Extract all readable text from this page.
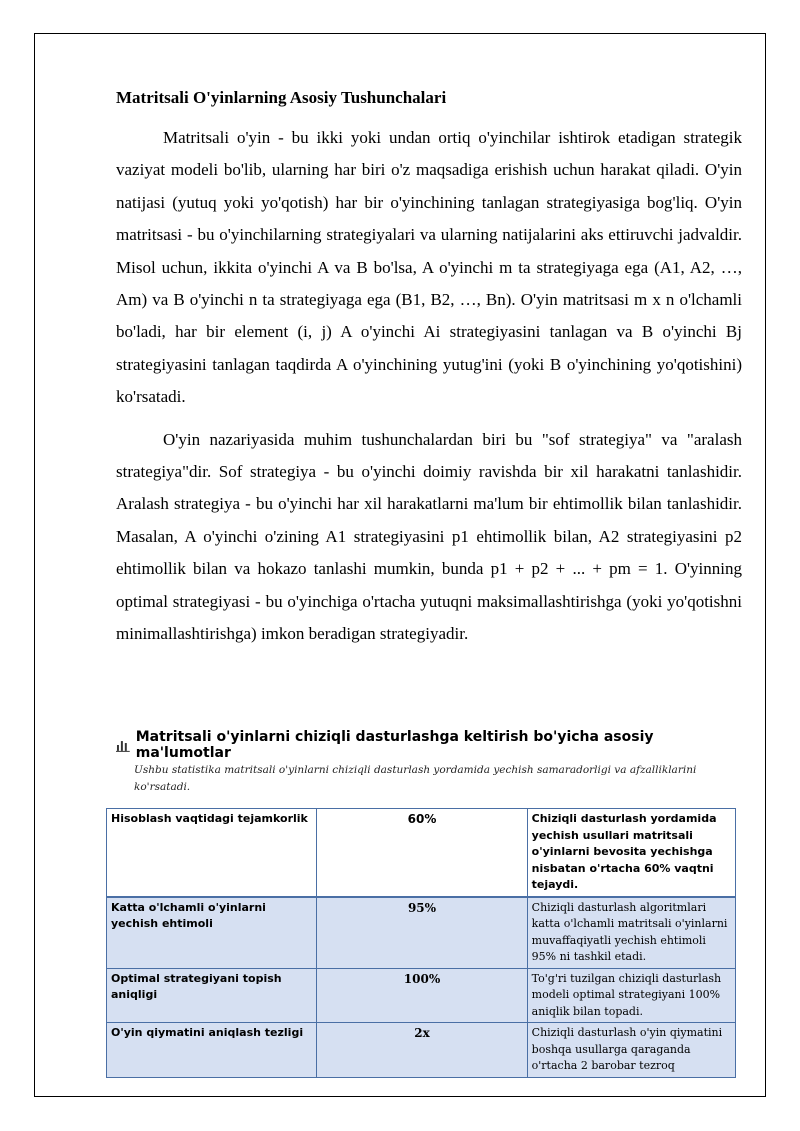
Matritsali O'yinlarning Asosiy Tushunchalari

Matritsali o'yin - bu ikki yoki undan ortiq o'yinchilar ishtirok etadigan strategik vaziyat modeli bo'lib, ularning har biri o'z maqsadiga erishish uchun harakat qiladi. O'yin natijasi (yutuq yoki yo'qotish) har bir o'yinchining tanlagan strategiyasiga bog'liq. O'yin matritsasi - bu o'yinchilarning strategiyalari va ularning natijalarini aks ettiruvchi jadvaldir. Misol uchun, ikkita o'yinchi A va B bo'lsa, A o'yinchi m ta strategiyaga ega (A1, A2, …, Am) va B o'yinchi n ta strategiyaga ega (B1, B2, …, Bn). O'yin matritsasi m x n o'lchamli bo'ladi, har bir element (i, j) A o'yinchi Ai strategiyasini tanlagan va B o'yinchi Bj strategiyasini tanlagan taqdirda A o'yinchining yutug'ini (yoki B o'yinchining yo'qotishini) ko'rsatadi.

O'yin nazariyasida muhim tushunchalardan biri bu "sof strategiya" va "aralash strategiya"dir. Sof strategiya - bu o'yinchi doimiy ravishda bir xil harakatni tanlashidir. Aralash strategiya - bu o'yinchi har xil harakatlarni ma'lum bir ehtimollik bilan tanlashidir. Masalan, A o'yinchi o'zining A1 strategiyasini p1 ehtimollik bilan, A2 strategiyasini p2 ehtimollik bilan va hokazo tanlashi mumkin, bunda p1 + p2 + ... + pm = 1. O'yinning optimal strategiyasi - bu o'yinchiga o'rtacha yutuqni maksimallashtirishga (yoki yo'qotishni minimallashtirishga) imkon beradigan strategiyadir.

Matritsali o'yinlarni chiziqli dasturlashga keltirish bo'yicha asosiy ma'lumotlar
Ushbu statistika matritsali o'yinlarni chiziqli dasturlash yordamida yechish samaradorligi va afzalliklarini ko'rsatadi.
Hisoblash vaqtidagi tejamkorlik	60%	Chiziqli dasturlash yordamida yechish usullari matritsali o'yinlarni bevosita yechishga nisbatan o'rtacha 60% vaqtni tejaydi.
Katta o'lchamli o'yinlarni yechish ehtimoli	95%	Chiziqli dasturlash algoritmlari katta o'lchamli matritsali o'yinlarni muvaffaqiyatli yechish ehtimoli 95% ni tashkil etadi.
Optimal strategiyani topish aniqligi	100%	To'g'ri tuzilgan chiziqli dasturlash modeli optimal strategiyani 100% aniqlik bilan topadi.
O'yin qiymatini aniqlash tezligi	2x	Chiziqli dasturlash o'yin qiymatini boshqa usullarga qaraganda o'rtacha 2 barobar tezroq
